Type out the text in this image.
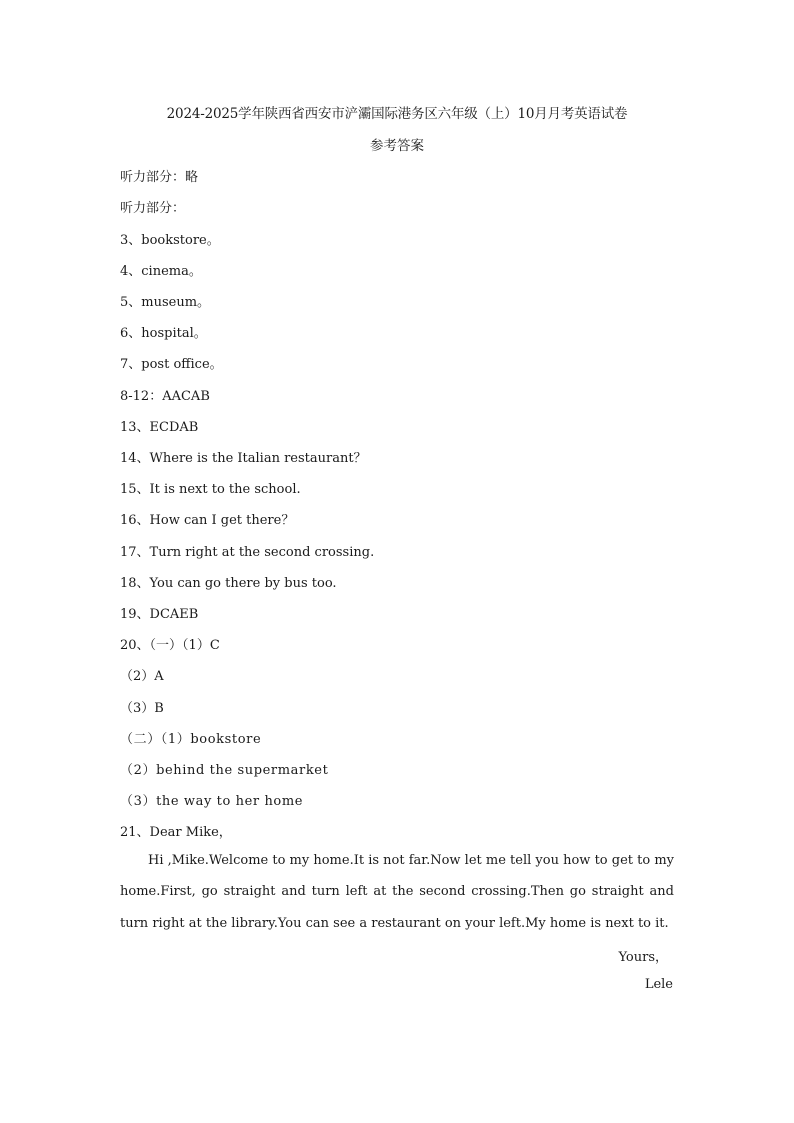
2024-2025学年陕西省西安市浐灞国际港务区六年级（上）10月月考英语试卷
参考答案
听力部分：略
听力部分：
3、bookstore。
4、cinema。
5、museum。
6、hospital。
7、post office。
8-12：AACAB
13、ECDAB
14、Where is the Italian restaurant？
15、It is next to the school.
16、How can I get there？
17、Turn right at the second crossing.
18、You can go there by bus too.
19、DCAEB
20、（一）（1）C
（2）A
（3）B
（二）（1）bookstore
（2）behind the supermarket
（3）the way to her home
21、Dear Mike，
Hi ,Mike.Welcome to my home.It is not far.Now let me tell you how to get to my home.First, go straight and turn left at the second crossing.Then go straight and turn right at the library.You can see a restaurant on your left.My home is next to it.
Yours，
Lele
